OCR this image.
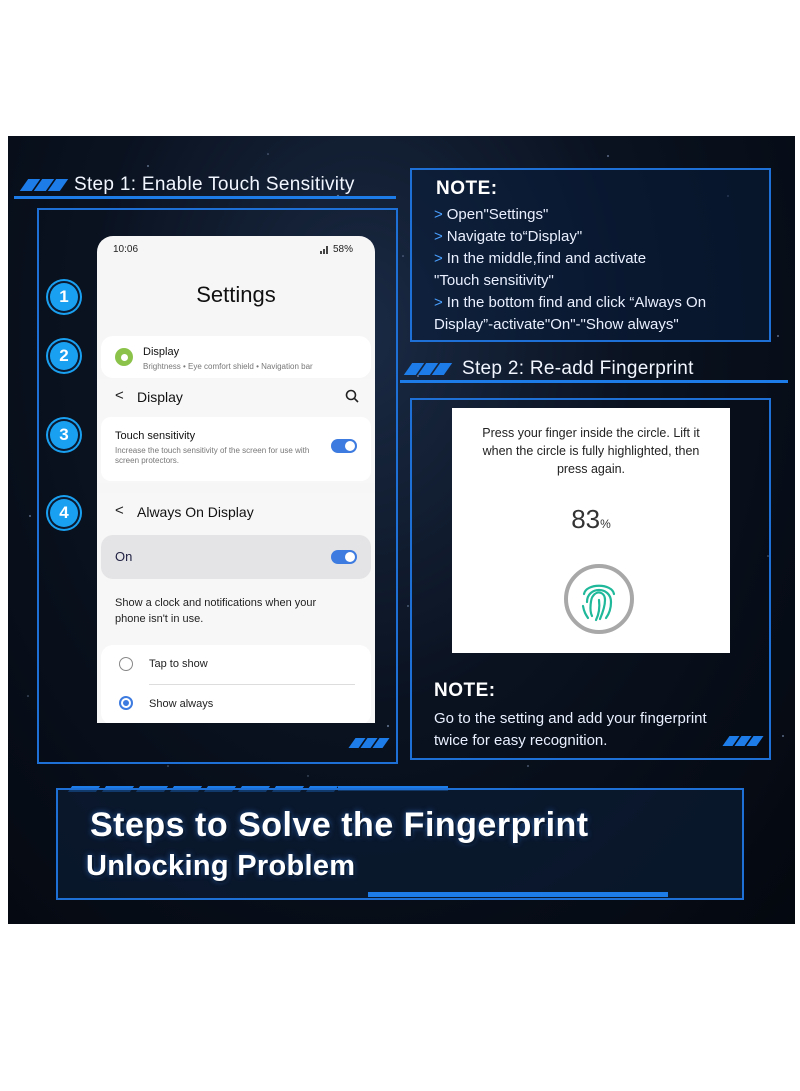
Step 1: Enable Touch Sensitivity
1
2
3
4
10:06	58%
Settings
Display
Brightness • Eye comfort shield • Navigation bar
< Display
Touch sensitivity
Increase the touch sensitivity of the screen for use with screen protectors.
< Always On Display
On
Show a clock and notifications when your phone isn't in use.
Tap to show
Show always
NOTE:
> Open"Settings"
> Navigate to“Display"
> In the middle,find and activate
"Touch sensitivity"
> In the bottom find and click “Always On
Display”-activate"On"-"Show always"
Step 2: Re-add Fingerprint
Press your finger inside the circle. Lift it when the circle is fully highlighted, then press again.
83%
NOTE:
Go to the setting and add your fingerprint
twice for easy recognition.
Steps to Solve the Fingerprint
Unlocking Problem
